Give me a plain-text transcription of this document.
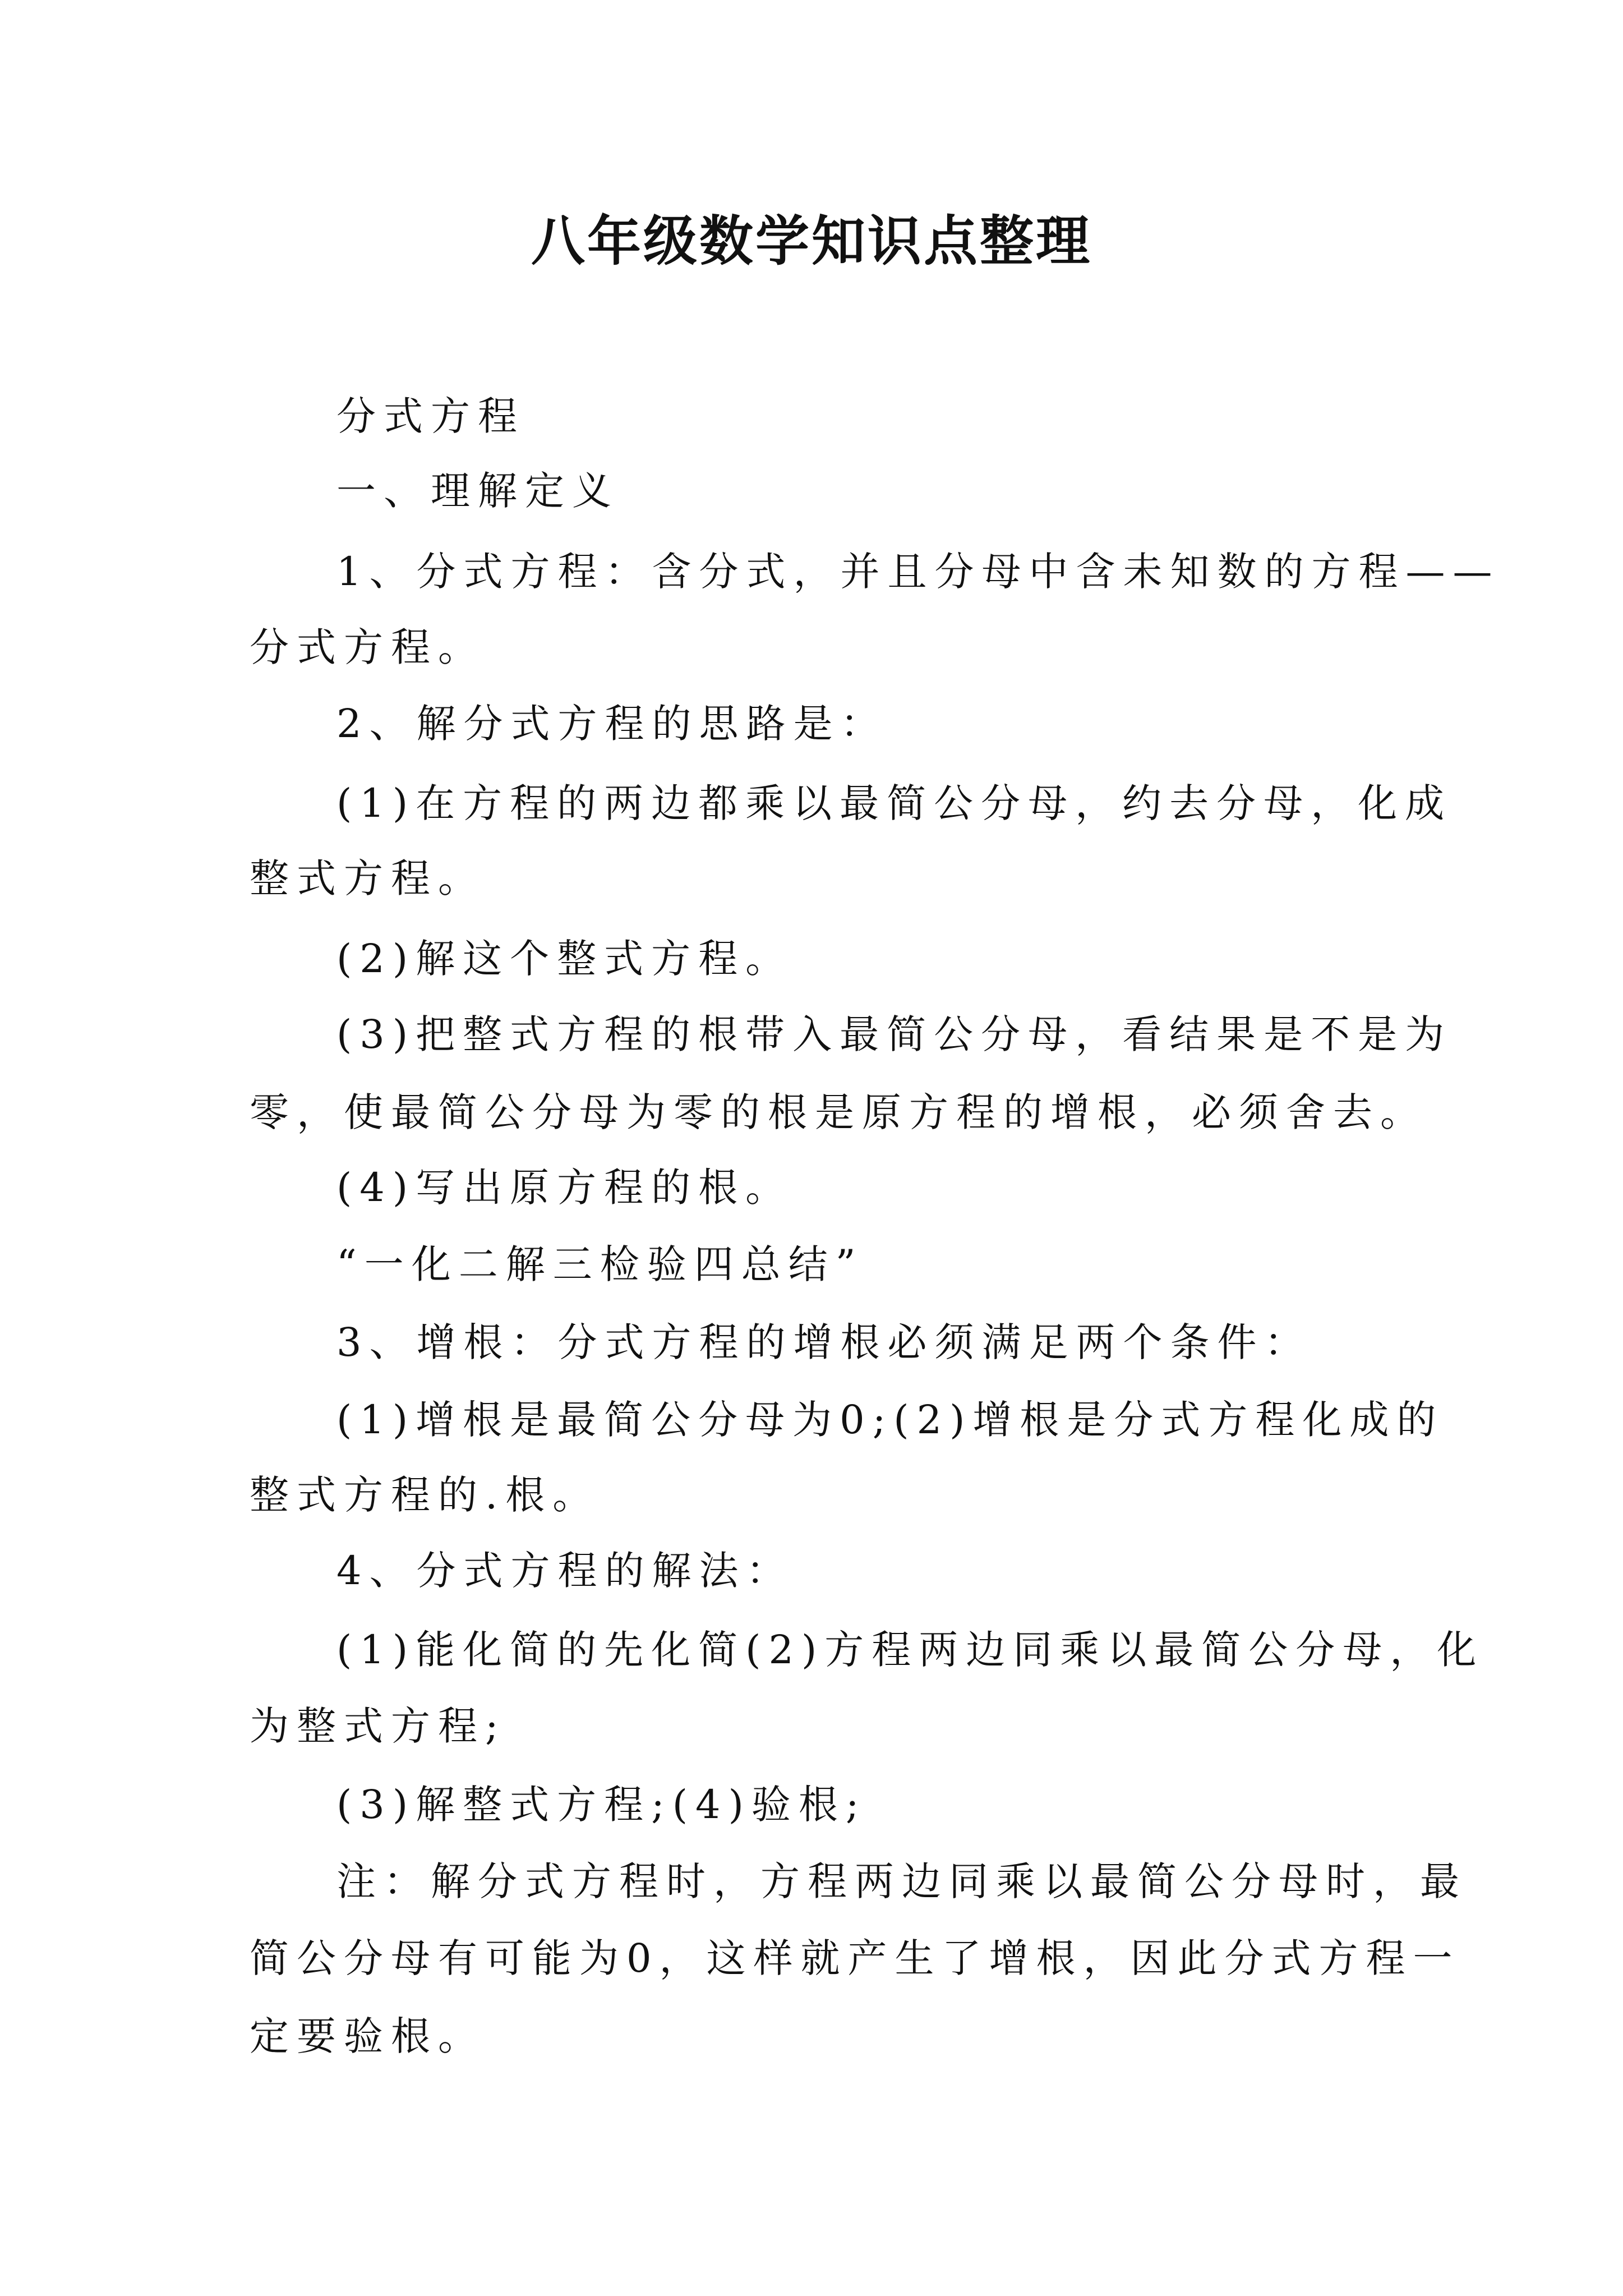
八年级数学知识点整理
分式方程
一、理解定义
1、分式方程：含分式，并且分母中含未知数的方程——
分式方程。
2、解分式方程的思路是：
(1)在方程的两边都乘以最简公分母，约去分母，化成
整式方程。
(2)解这个整式方程。
(3)把整式方程的根带入最简公分母，看结果是不是为
零，使最简公分母为零的根是原方程的增根，必须舍去。
(4)写出原方程的根。
“一化二解三检验四总结”
3、增根：分式方程的增根必须满足两个条件：
(1)增根是最简公分母为0;(2)增根是分式方程化成的
整式方程的.根。
4、分式方程的解法：
(1)能化简的先化简(2)方程两边同乘以最简公分母，化
为整式方程;
(3)解整式方程;(4)验根;
注：解分式方程时，方程两边同乘以最简公分母时，最
简公分母有可能为0，这样就产生了增根，因此分式方程一
定要验根。
